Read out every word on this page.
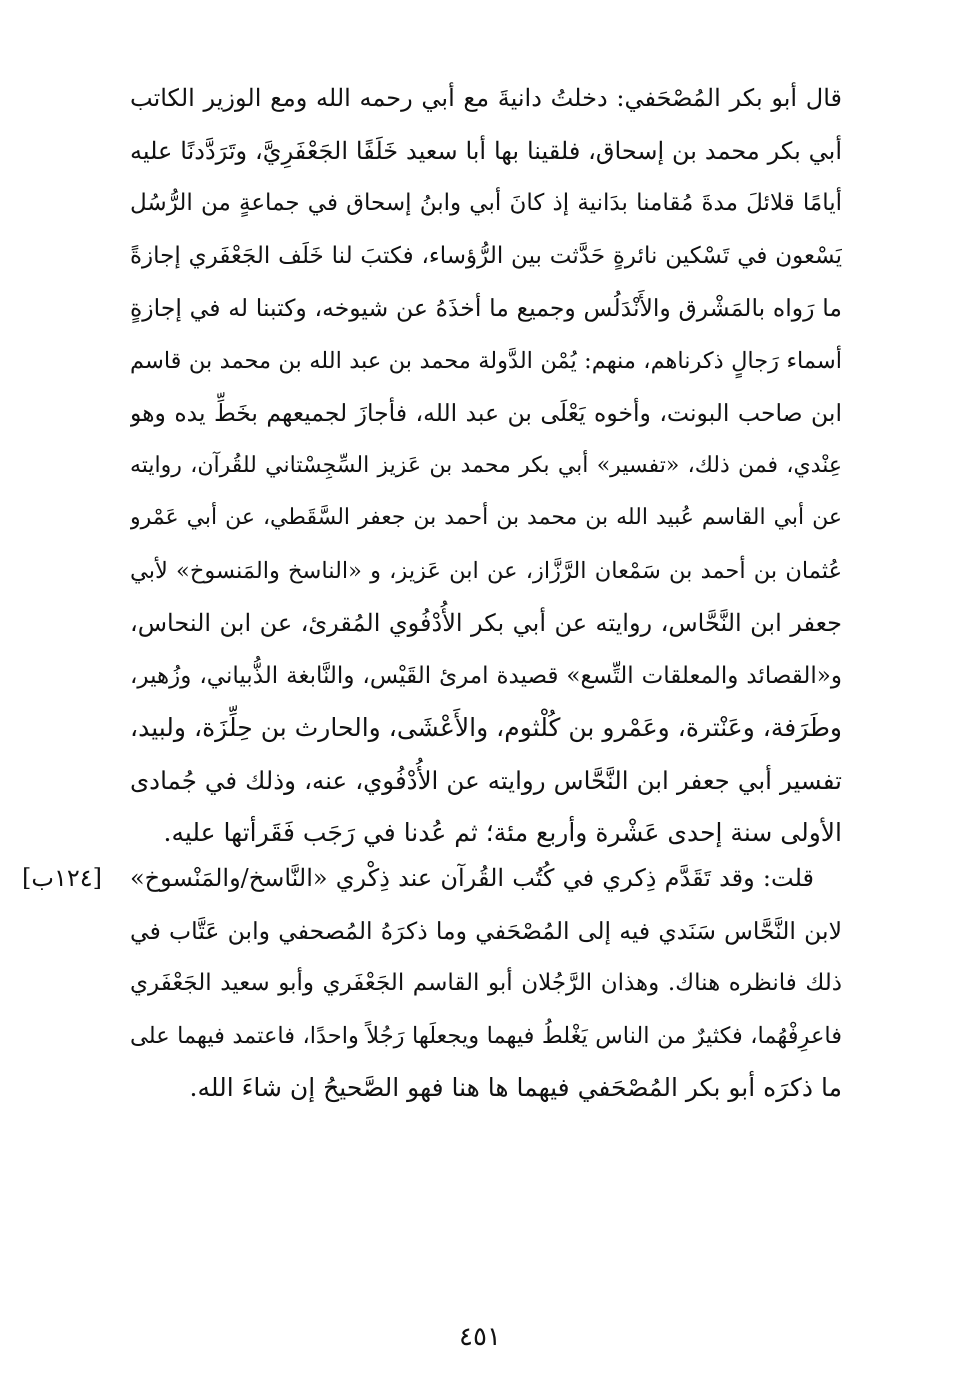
قال أبو بكر المُصْحَفي: دخلتُ دانيةَ مع أبي رحمه الله ومع الوزير الكاتب
أبي بكر محمد بن إسحاق، فلقينا بها أبا سعيد خَلَفًا الجَعْفَرِيَّ، وتَرَدَّدنًا عليه
أيامًا قلائلَ مدةَ مُقامنا بدَانية إذ كانَ أبي وابنُ إسحاق في جماعةٍ من الرُّسُل
يَسْعون في تَسْكين نائرةٍ حَدَّثت بين الرُّؤساء، فكتبَ لنا خَلَف الجَعْفَري إجازةً
ما رَواه بالمَشْرق والأَنْدَلُس وجميع ما أخذَهُ عن شيوخه، وكتبنا له في إجازةٍ
أسماء رَجالٍ ذكرناهم، منهم: يُمْن الدَّولة محمد بن عبد الله بن محمد بن قاسم
ابن صاحب البونت، وأخوه يَعْلَى بن عبد الله، فأجازَ لجميعهم بخَطِّ يده وهو
عِنْدي، فمن ذلك، «تفسير» أبي بكر محمد بن عَزيز السِّجِسْتاني للقُرآن، روايته
عن أبي القاسم عُبيد الله بن محمد بن أحمد بن جعفر السَّقَطي، عن أبي عَمْرو
عُثمان بن أحمد بن سَمْعان الرَّزَّاز، عن ابن عَزيز، و «الناسخ والمَنسوخ» لأبي
جعفر ابن النَّحَّاس، روايته عن أبي بكر الأُدْفُوي المُقرئ، عن ابن النحاس،
و«القصائد والمعلقات التِّسع» قصيدة امرئ القَيْس، والنَّابغة الذُّبياني، وزُهير،
وطَرَفة، وعَنْترة، وعَمْرو بن كُلْثوم، والأَعْشَى، والحارث بن حِلِّزَة، ولبيد،
تفسير أبي جعفر ابن النَّحَّاس روايته عن الأُدْفُوي، عنه، وذلك في جُمادى
الأولى سنة إحدى عَشْرة وأربع مئة؛ ثم عُدنا في رَجَب فَقَرأتها عليه.
قلت: وقد تَقَدَّم ذِكري في كُتُب القُرآن عند ذِكْري «النَّاسخ/والمَنْسوخ»
لابن النَّحَّاس سَنَدي فيه إلى المُصْحَفي وما ذكرَهُ المُصحفي وابن عَتَّاب في
ذلك فانظره هناك. وهذان الرَّجُلان أبو القاسم الجَعْفَري وأبو سعيد الجَعْفَري
فاعرِفْهُما، فكثيرٌ من الناس يَغْلطُ فيهما ويجعلَها رَجُلاً واحدًا، فاعتمد فيهما على
ما ذكرَه أبو بكر المُصْحَفي فيهما ها هنا فهو الصَّحيحُ إن شاءَ الله.
[١٢٤ب]
٤٥١
